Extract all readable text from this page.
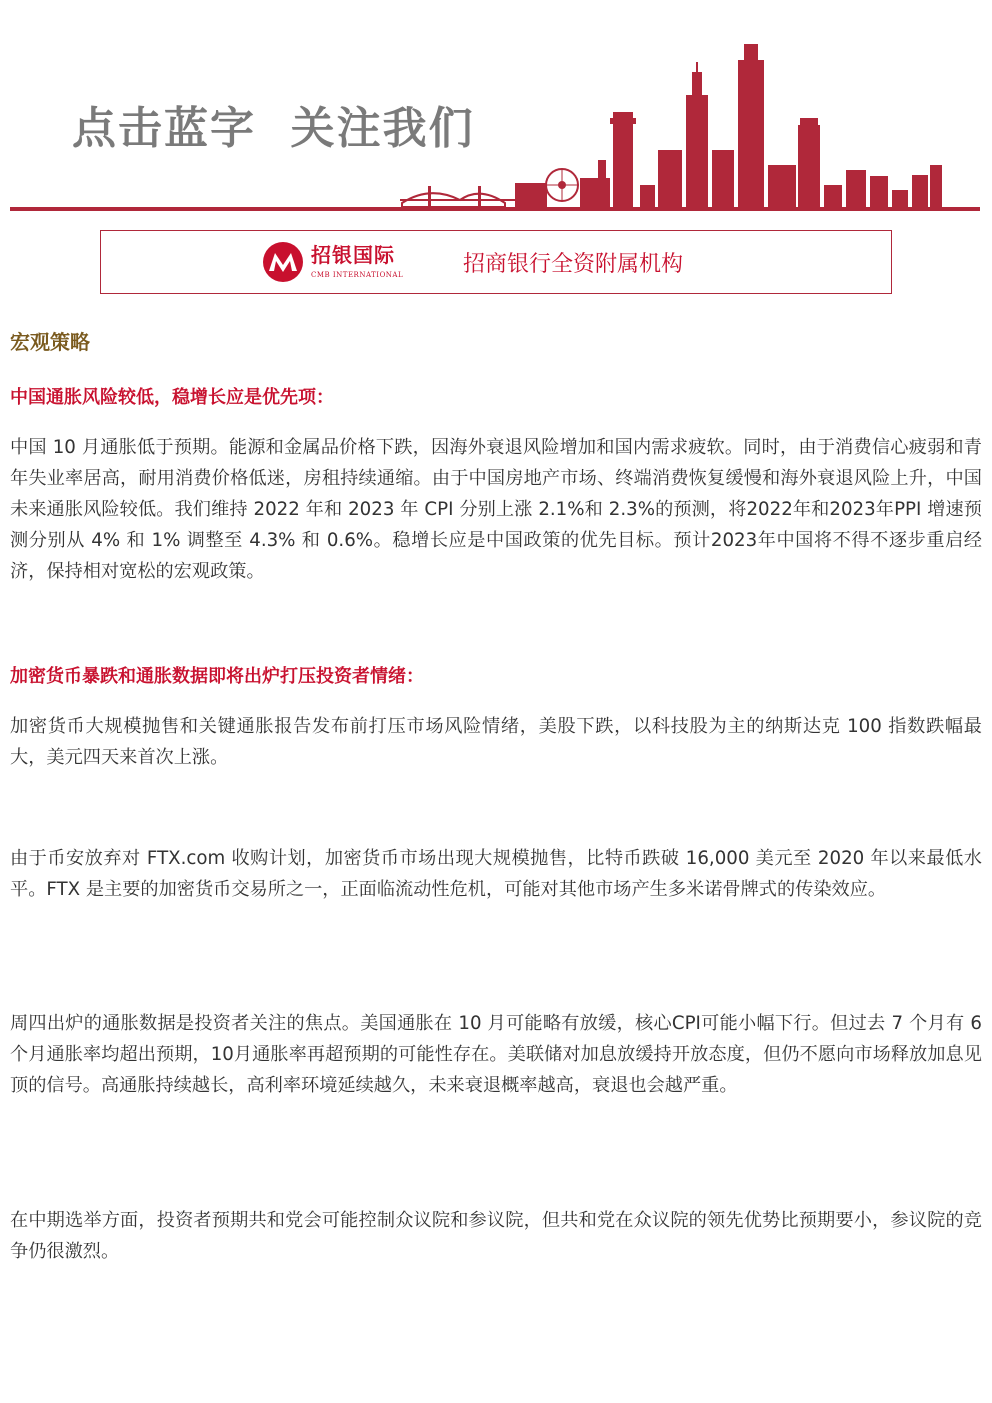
点击蓝字  关注我们
招银国际
CMB INTERNATIONAL	招商银行全资附属机构
宏观策略
中国通胀风险较低，稳增长应是优先项：

中国 10 月通胀低于预期。能源和金属品价格下跌，因海外衰退风险增加和国内需求疲软。同时，由于消费信心疲弱和青年失业率居高，耐用消费价格低迷，房租持续通缩。由于中国房地产市场、终端消费恢复缓慢和海外衰退风险上升，中国未来通胀风险较低。我们维持 2022 年和 2023 年 CPI 分别上涨 2.1%和 2.3%的预测，将2022年和2023年PPI 增速预测分别从 4% 和 1% 调整至 4.3% 和 0.6%。稳增长应是中国政策的优先目标。预计2023年中国将不得不逐步重启经济，保持相对宽松的宏观政策。

加密货币暴跌和通胀数据即将出炉打压投资者情绪：

加密货币大规模抛售和关键通胀报告发布前打压市场风险情绪，美股下跌，以科技股为主的纳斯达克 100 指数跌幅最大，美元四天来首次上涨。

由于币安放弃对 FTX.com 收购计划，加密货币市场出现大规模抛售，比特币跌破 16,000 美元至 2020 年以来最低水平。FTX 是主要的加密货币交易所之一，正面临流动性危机，可能对其他市场产生多米诺骨牌式的传染效应。

周四出炉的通胀数据是投资者关注的焦点。美国通胀在 10 月可能略有放缓，核心CPI可能小幅下行。但过去 7 个月有 6 个月通胀率均超出预期，10月通胀率再超预期的可能性存在。美联储对加息放缓持开放态度，但仍不愿向市场释放加息见顶的信号。高通胀持续越长，高利率环境延续越久，未来衰退概率越高，衰退也会越严重。

在中期选举方面，投资者预期共和党会可能控制众议院和参议院，但共和党在众议院的领先优势比预期要小，参议院的竞争仍很激烈。
